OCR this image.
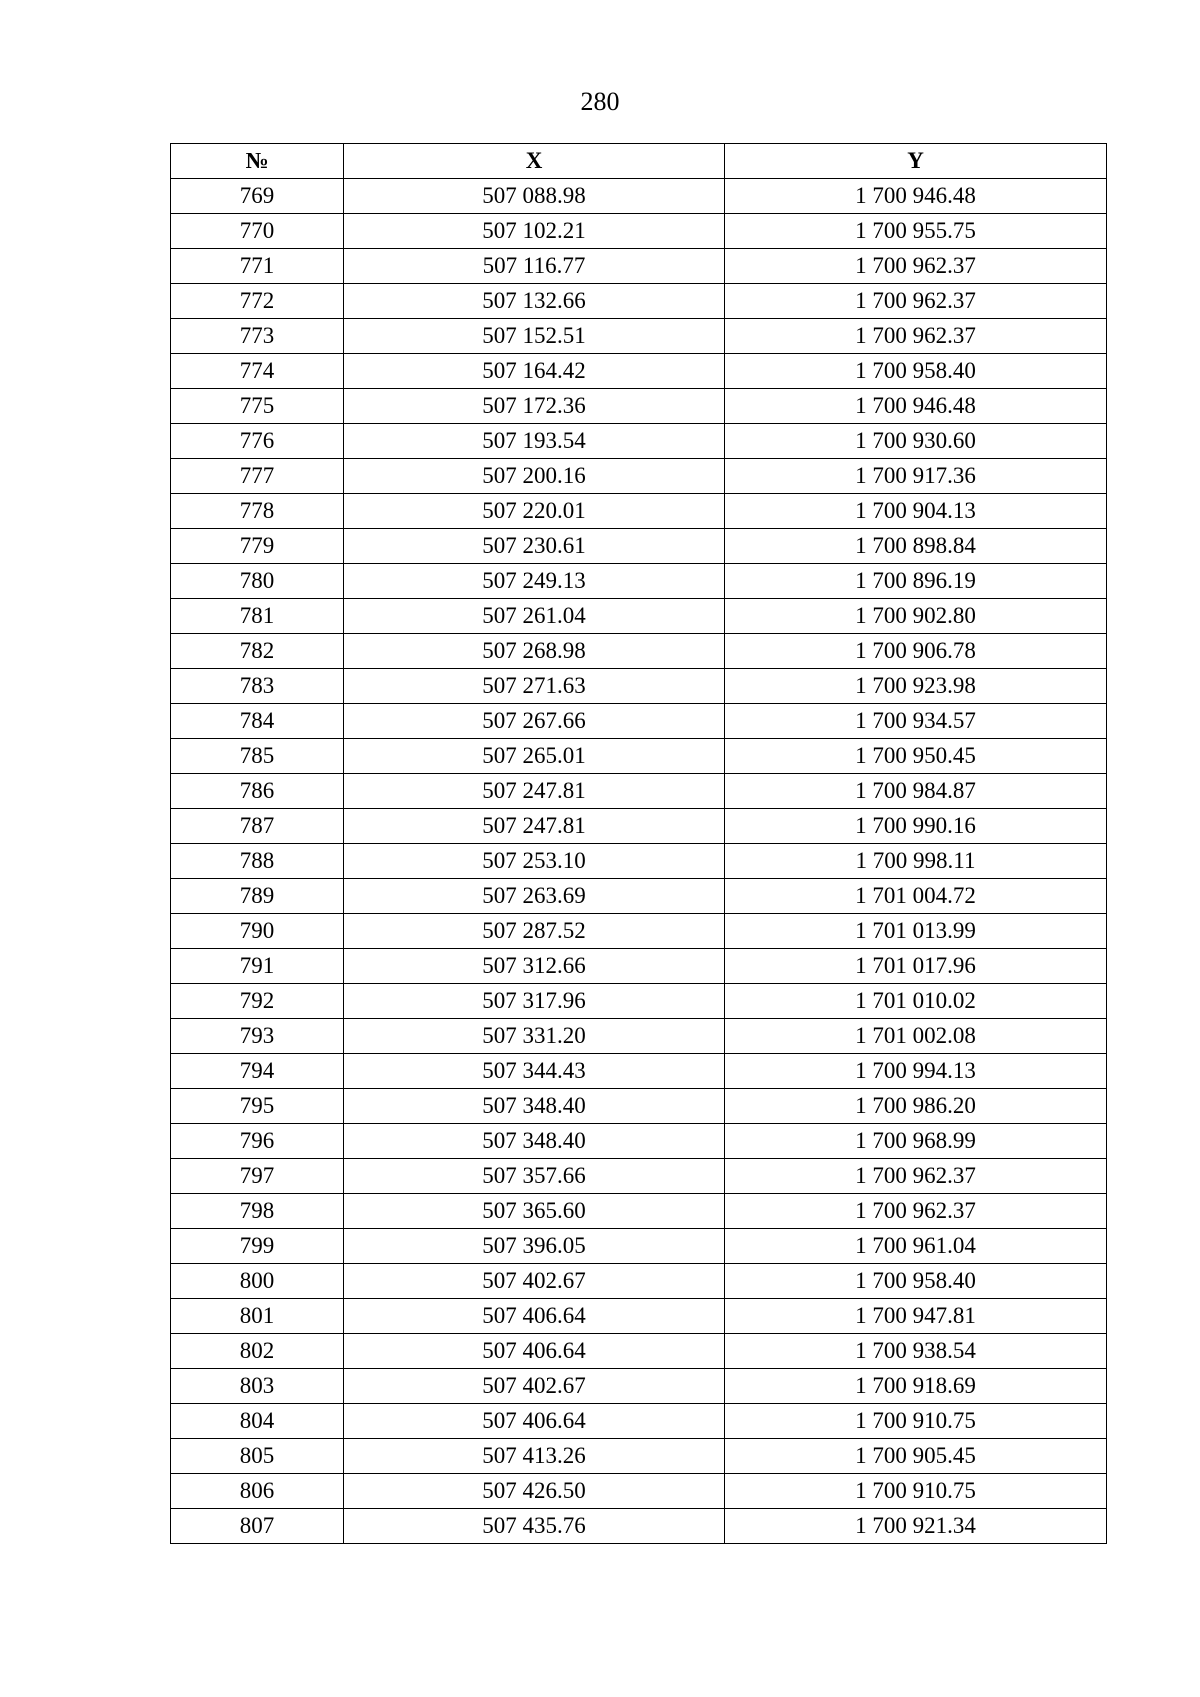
280
№	X	Y
769	507 088.98	1 700 946.48
770	507 102.21	1 700 955.75
771	507 116.77	1 700 962.37
772	507 132.66	1 700 962.37
773	507 152.51	1 700 962.37
774	507 164.42	1 700 958.40
775	507 172.36	1 700 946.48
776	507 193.54	1 700 930.60
777	507 200.16	1 700 917.36
778	507 220.01	1 700 904.13
779	507 230.61	1 700 898.84
780	507 249.13	1 700 896.19
781	507 261.04	1 700 902.80
782	507 268.98	1 700 906.78
783	507 271.63	1 700 923.98
784	507 267.66	1 700 934.57
785	507 265.01	1 700 950.45
786	507 247.81	1 700 984.87
787	507 247.81	1 700 990.16
788	507 253.10	1 700 998.11
789	507 263.69	1 701 004.72
790	507 287.52	1 701 013.99
791	507 312.66	1 701 017.96
792	507 317.96	1 701 010.02
793	507 331.20	1 701 002.08
794	507 344.43	1 700 994.13
795	507 348.40	1 700 986.20
796	507 348.40	1 700 968.99
797	507 357.66	1 700 962.37
798	507 365.60	1 700 962.37
799	507 396.05	1 700 961.04
800	507 402.67	1 700 958.40
801	507 406.64	1 700 947.81
802	507 406.64	1 700 938.54
803	507 402.67	1 700 918.69
804	507 406.64	1 700 910.75
805	507 413.26	1 700 905.45
806	507 426.50	1 700 910.75
807	507 435.76	1 700 921.34
